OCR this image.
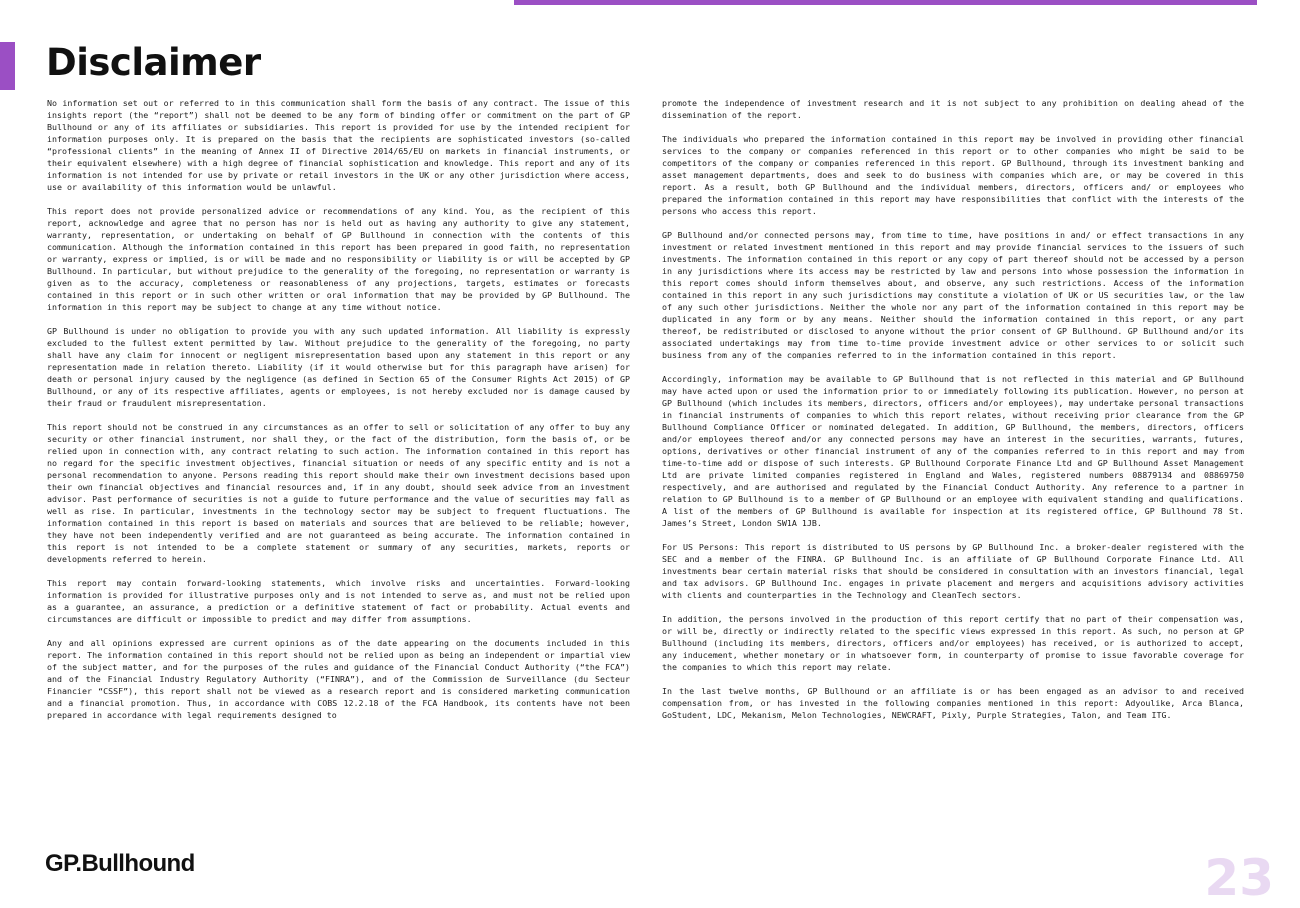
Disclaimer

No information set out or referred to in this communication shall form the basis of any contract. The issue of this insights report (the “report”) shall not be deemed to be any form of binding offer or commitment on the part of GP Bullhound or any of its affiliates or subsidiaries. This report is provided for use by the intended recipient for information purposes only. It is prepared on the basis that the recipients are sophisticated investors (so-called “professional clients” in the meaning of Annex II of Directive 2014/65/EU on markets in financial instruments, or their equivalent elsewhere) with a high degree of financial sophistication and knowledge. This report and any of its information is not intended for use by private or retail investors in the UK or any other jurisdiction where access, use or availability of this information would be unlawful.

This report does not provide personalized advice or recommendations of any kind. You, as the recipient of this report, acknowledge and agree that no person has nor is held out as having any authority to give any statement, warranty, representation, or undertaking on behalf of GP Bullhound in connection with the contents of this communication. Although the information contained in this report has been prepared in good faith, no representation or warranty, express or implied, is or will be made and no responsibility or liability is or will be accepted by GP Bullhound. In particular, but without prejudice to the generality of the foregoing, no representation or warranty is given as to the accuracy, completeness or reasonableness of any projections, targets, estimates or forecasts contained in this report or in such other written or oral information that may be provided by GP Bullhound. The information in this report may be subject to change at any time without notice.

GP Bullhound is under no obligation to provide you with any such updated information. All liability is expressly excluded to the fullest extent permitted by law. Without prejudice to the generality of the foregoing, no party shall have any claim for innocent or negligent misrepresentation based upon any statement in this report or any representation made in relation thereto. Liability (if it would otherwise but for this paragraph have arisen) for death or personal injury caused by the negligence (as defined in Section 65 of the Consumer Rights Act 2015) of GP Bullhound, or any of its respective affiliates, agents or employees, is not hereby excluded nor is damage caused by their fraud or fraudulent misrepresentation.

This report should not be construed in any circumstances as an offer to sell or solicitation of any offer to buy any security or other financial instrument, nor shall they, or the fact of the distribution, form the basis of, or be relied upon in connection with, any contract relating to such action. The information contained in this report has no regard for the specific investment objectives, financial situation or needs of any specific entity and is not a personal recommendation to anyone. Persons reading this report should make their own investment decisions based upon their own financial objectives and financial resources and, if in any doubt, should seek advice from an investment advisor. Past performance of securities is not a guide to future performance and the value of securities may fall as well as rise. In particular, investments in the technology sector may be subject to frequent fluctuations. The information contained in this report is based on materials and sources that are believed to be reliable; however, they have not been independently verified and are not guaranteed as being accurate. The information contained in this report is not intended to be a complete statement or summary of any securities, markets, reports or developments referred to herein.

This report may contain forward-looking statements, which involve risks and uncertainties. Forward-looking information is provided for illustrative purposes only and is not intended to serve as, and must not be relied upon as a guarantee, an assurance, a prediction or a definitive statement of fact or probability. Actual events and circumstances are difficult or impossible to predict and may differ from assumptions.

Any and all opinions expressed are current opinions as of the date appearing on the documents included in this report. The information contained in this report should not be relied upon as being an independent or impartial view of the subject matter, and for the purposes of the rules and guidance of the Financial Conduct Authority (“the FCA”) and of the Financial Industry Regulatory Authority (“FINRA”), and of the Commission de Surveillance (du Secteur Financier “CSSF”), this report shall not be viewed as a research report and is considered marketing communication and a financial promotion. Thus, in accordance with COBS 12.2.18 of the FCA Handbook, its contents have not been prepared in accordance with legal requirements designed to

promote the independence of investment research and it is not subject to any prohibition on dealing ahead of the dissemination of the report.

The individuals who prepared the information contained in this report may be involved in providing other financial services to the company or companies referenced in this report or to other companies who might be said to be competitors of the company or companies referenced in this report. GP Bullhound, through its investment banking and asset management departments, does and seek to do business with companies which are, or may be covered in this report. As a result, both GP Bullhound and the individual members, directors, officers and/ or employees who prepared the information contained in this report may have responsibilities that conflict with the interests of the persons who access this report.

GP Bullhound and/or connected persons may, from time to time, have positions in and/ or effect transactions in any investment or related investment mentioned in this report and may provide financial services to the issuers of such investments. The information contained in this report or any copy of part thereof should not be accessed by a person in any jurisdictions where its access may be restricted by law and persons into whose possession the information in this report comes should inform themselves about, and observe, any such restrictions. Access of the information contained in this report in any such jurisdictions may constitute a violation of UK or US securities law, or the law of any such other jurisdictions. Neither the whole nor any part of the information contained in this report may be duplicated in any form or by any means. Neither should the information contained in this report, or any part thereof, be redistributed or disclosed to anyone without the prior consent of GP Bullhound. GP Bullhound and/or its associated undertakings may from time to-time provide investment advice or other services to or solicit such business from any of the companies referred to in the information contained in this report.

Accordingly, information may be available to GP Bullhound that is not reflected in this material and GP Bullhound may have acted upon or used the information prior to or immediately following its publication. However, no person at GP Bullhound (which includes its members, directors, officers and/or employees), may undertake personal transactions in financial instruments of companies to which this report relates, without receiving prior clearance from the GP Bullhound Compliance Officer or nominated delegated. In addition, GP Bullhound, the members, directors, officers and/or employees thereof and/or any connected persons may have an interest in the securities, warrants, futures, options, derivatives or other financial instrument of any of the companies referred to in this report and may from time-to-time add or dispose of such interests. GP Bullhound Corporate Finance Ltd and GP Bullhound Asset Management Ltd are private limited companies registered in England and Wales, registered numbers 08879134 and 08869750 respectively, and are authorised and regulated by the Financial Conduct Authority. Any reference to a partner in relation to GP Bullhound is to a member of GP Bullhound or an employee with equivalent standing and qualifications. A list of the members of GP Bullhound is available for inspection at its registered office, GP Bullhound 78 St. James’s Street, London SW1A 1JB.

For US Persons: This report is distributed to US persons by GP Bullhound Inc. a broker-dealer registered with the SEC and a member of the FINRA. GP Bullhound Inc. is an affiliate of GP Bullhound Corporate Finance Ltd. All investments bear certain material risks that should be considered in consultation with an investors financial, legal and tax advisors. GP Bullhound Inc. engages in private placement and mergers and acquisitions advisory activities with clients and counterparties in the Technology and CleanTech sectors.

In addition, the persons involved in the production of this report certify that no part of their compensation was, or will be, directly or indirectly related to the specific views expressed in this report. As such, no person at GP Bullhound (including its members, directors, officers and/or employees) has received, or is authorized to accept, any inducement, whether monetary or in whatsoever form, in counterparty of promise to issue favorable coverage for the companies to which this report may relate.

In the last twelve months, GP Bullhound or an affiliate is or has been engaged as an advisor to and received compensation from, or has invested in the following companies mentioned in this report: Adyoulike, Arca Blanca, GoStudent, LDC, Mekanism, Melon Technologies, NEWCRAFT, Pixly, Purple Strategies, Talon, and Team ITG.

GP.Bullhound	23
